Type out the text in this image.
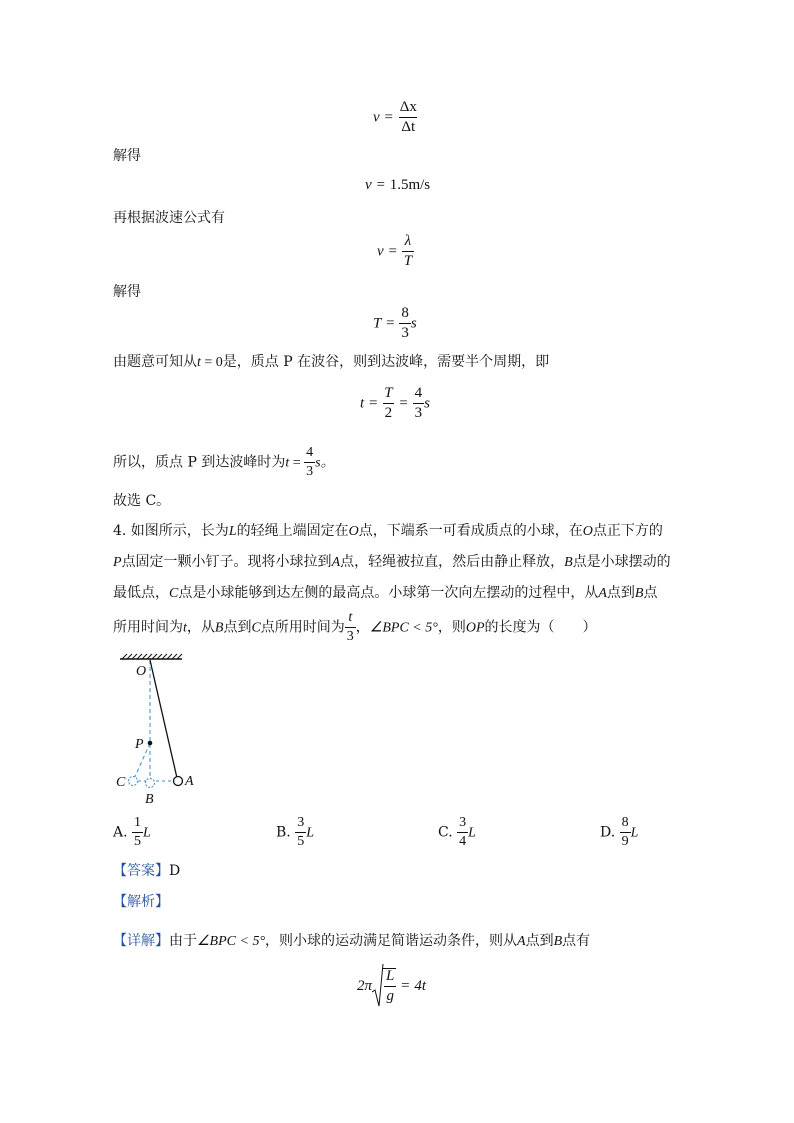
$v = \frac{\Delta x}{\Delta t}$
解得
v = 1.5m/s
再根据波速公式有
$v = \frac{\lambda}{T}$
解得
$T = \frac{8}{3}$ s
由题意可知从t = 0是，质点 P 在波谷，则到达波峰，需要半个周期，即
$t = \frac{T}{2} = \frac{4}{3}$ s
所以，质点 P 到达波峰时为$t = \frac{4}{3}$ s。
故选 C。
4. 如图所示，长为L的轻绳上端固定在O点，下端系一可看成质点的小球，在O点正下方的
P点固定一颗小钉子。现将小球拉到A点，轻绳被拉直，然后由静止释放，B点是小球摆动的
最低点，C点是小球能够到达左侧的最高点。小球第一次向左摆动的过程中，从A点到B点
所用时间为t，从B点到C点所用时间为 $\frac{t}{3}$ ，∠BPC < 5°，则OP的长度为（　　）
O
P
C
B
A
A. $\frac{1}{5}$ L	B. $\frac{3}{5}$ L	C. $\frac{3}{4}$ L	D. $\frac{8}{9}$ L
【答案】D
【解析】
【详解】由于∠BPC < 5°，则小球的运动满足简谐运动条件，则从A点到B点有
$2\pi \frac{L}{g} = 4t$
